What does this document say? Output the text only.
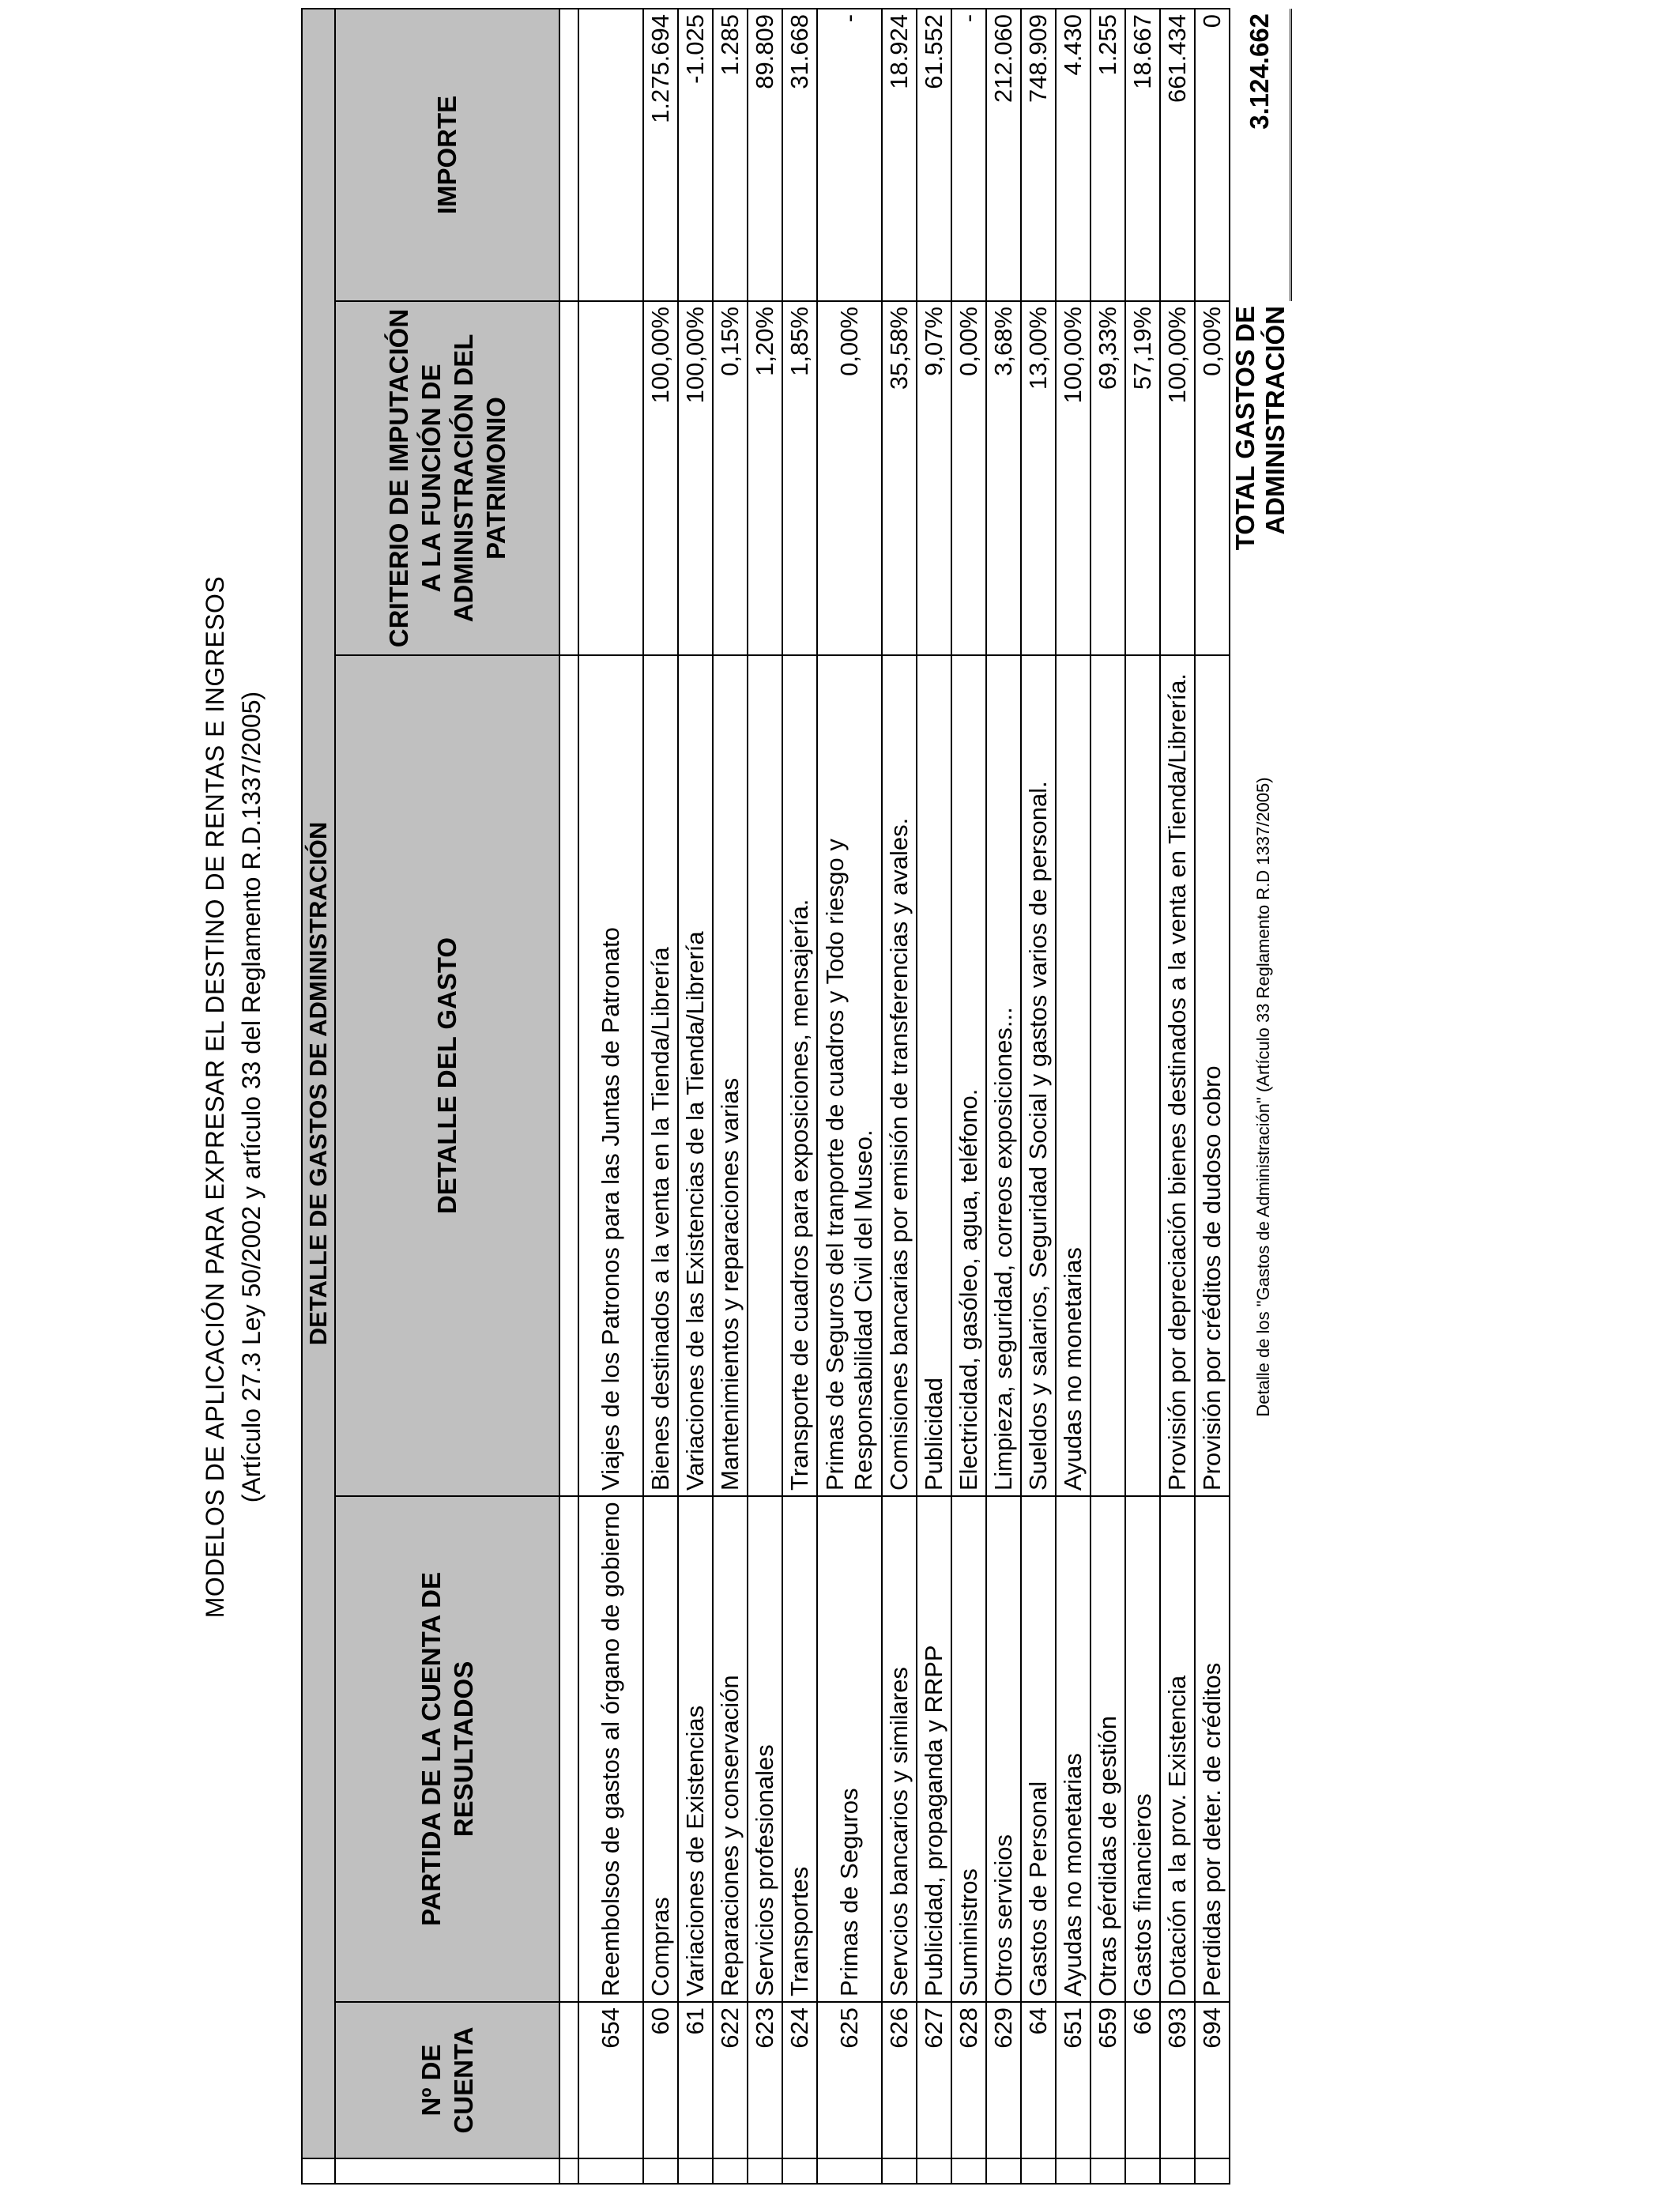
MODELOS DE APLICACIÓN PARA EXPRESAR EL DESTINO DE RENTAS E INGRESOS (Artículo 27.3 Ley 50/2002 y artículo 33 del Reglamento R.D.1337/2005)
	DETALLE DE GASTOS DE ADMINISTRACIÓN				
	Nº DE CUENTA	PARTIDA DE LA CUENTA DE RESULTADOS	DETALLE DEL GASTO	CRITERIO DE IMPUTACIÓN A LA FUNCIÓN DE ADMINISTRACIÓN DEL PATRIMONIO	IMPORTE

	654	Reembolsos de gastos al órgano de gobierno	Viajes de los Patronos para las Juntas de Patronato		
	60	Compras	Bienes destinados a la venta en la Tienda/Librería	100,00%	1.275.694
	61	Variaciones de Existencias	Variaciones de las Existencias de la Tienda/Librería	100,00%	-1.025
	622	Reparaciones y conservación	Mantenimientos y reparaciones varias	0,15%	1.285
	623	Servicios profesionales		1,20%	89.809
	624	Transportes	Transporte de cuadros para exposiciones, mensajería.	1,85%	31.668
	625	Primas de Seguros	Primas de Seguros del tranporte de cuadros y Todo riesgo y Responsabilidad Civil del Museo.	0,00%	-
	626	Servcios bancarios y similares	Comisiones bancarias por emisión de transferencias y avales.	35,58%	18.924
	627	Publicidad, propaganda y RRPP	Publicidad	9,07%	61.552
	628	Suministros	Electricidad, gasóleo, agua, teléfono.	0,00%	-
	629	Otros servicios	Limpieza, seguridad, correos exposiciones...	3,68%	212.060
	64	Gastos de Personal	Sueldos y salarios, Seguridad Social y gastos varios de personal.	13,00%	748.909
	651	Ayudas no monetarias	Ayudas no monetarias	100,00%	4.430
	659	Otras pérdidas de gestión		69,33%	1.255
	66	Gastos financieros		57,19%	18.667
	693	Dotación a la prov. Existencia	Provisión por depreciación bienes destinados a la venta en Tienda/Librería.	100,00%	661.434
	694	Perdidas por deter. de créditos	Provisión por créditos de dudoso cobro	0,00%	0
				TOTAL GASTOS DE ADMINISTRACIÓN	3.124.662
Detalle de los "Gastos de Administración" (Artículo 33 Reglamento R.D 1337/2005)
